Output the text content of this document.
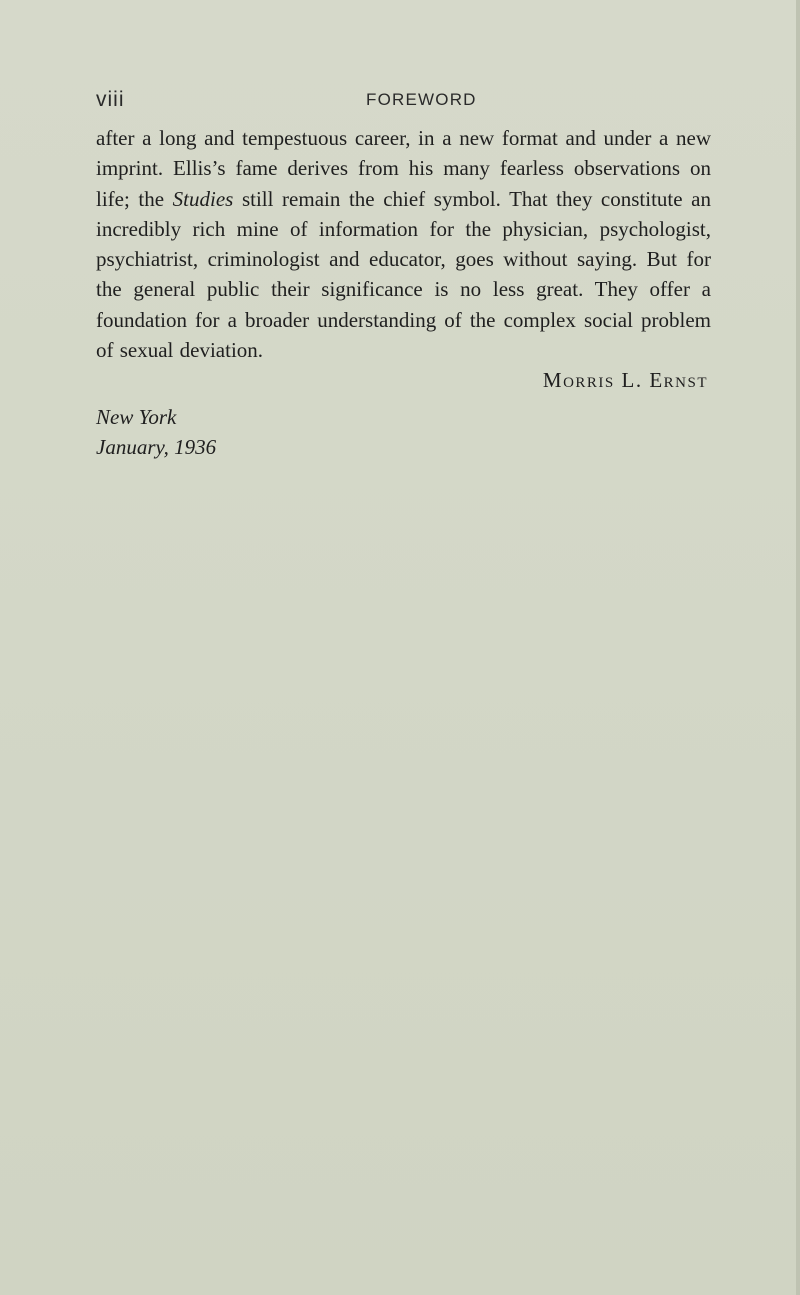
viii	FOREWORD

after a long and tempestuous career, in a new format and under a new imprint. Ellis’s fame derives from his many fearless observations on life; the Studies still remain the chief symbol. That they constitute an incredibly rich mine of information for the physician, psychologist, psychiatrist, criminologist and educator, goes without saying. But for the general public their significance is no less great. They offer a foundation for a broader understanding of the complex social problem of sexual deviation.

Morris L. Ernst

New York
January, 1936
